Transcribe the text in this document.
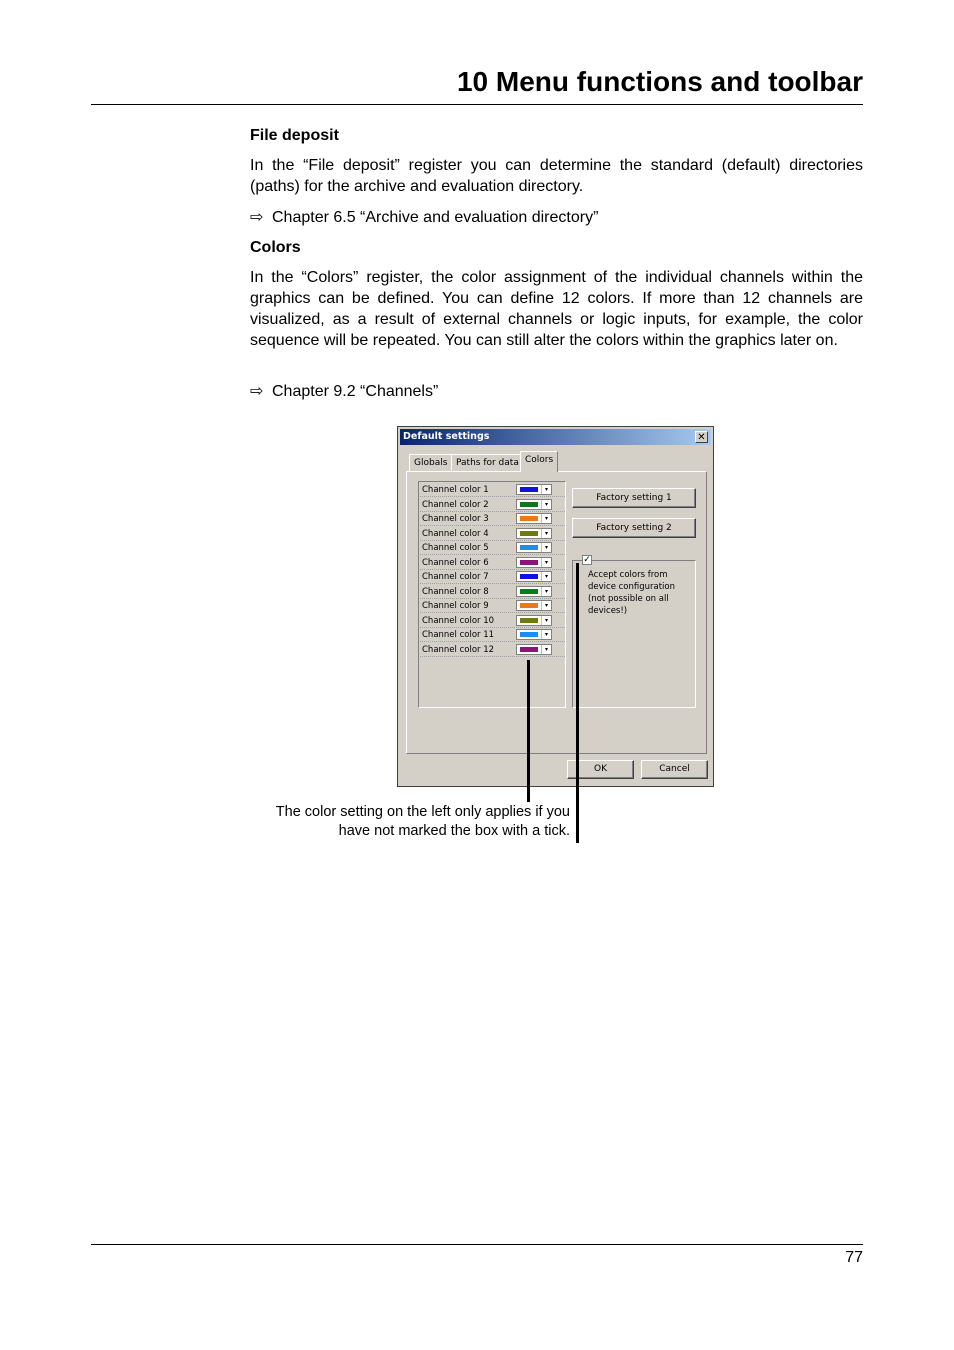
10 Menu functions and toolbar
File deposit
In the “File deposit” register you can determine the standard (default) directories (paths) for the archive and evaluation directory.
⇨ Chapter 6.5 “Archive and evaluation directory”
Colors
In the “Colors” register, the color assignment of the individual channels within the graphics can be defined. You can define 12 colors. If more than 12 channels are visualized, as a result of external channels or logic inputs, for example, the color sequence will be repeated. You can still alter the colors within the graphics later on.
⇨ Chapter 9.2 “Channels”
Default settings	✕
Globals Paths for data Colors
Channel color 1	▾
Channel color 2	▾
Channel color 3	▾
Channel color 4	▾
Channel color 5	▾
Channel color 6	▾
Channel color 7	▾
Channel color 8	▾
Channel color 9	▾
Channel color 10	▾
Channel color 11	▾
Channel color 12	▾
Factory setting 1
Factory setting 2
✓
Accept colors from device configuration (not possible on all devices!)
OK	Cancel
The color setting on the left only applies if you have not marked the box with a tick.
77
